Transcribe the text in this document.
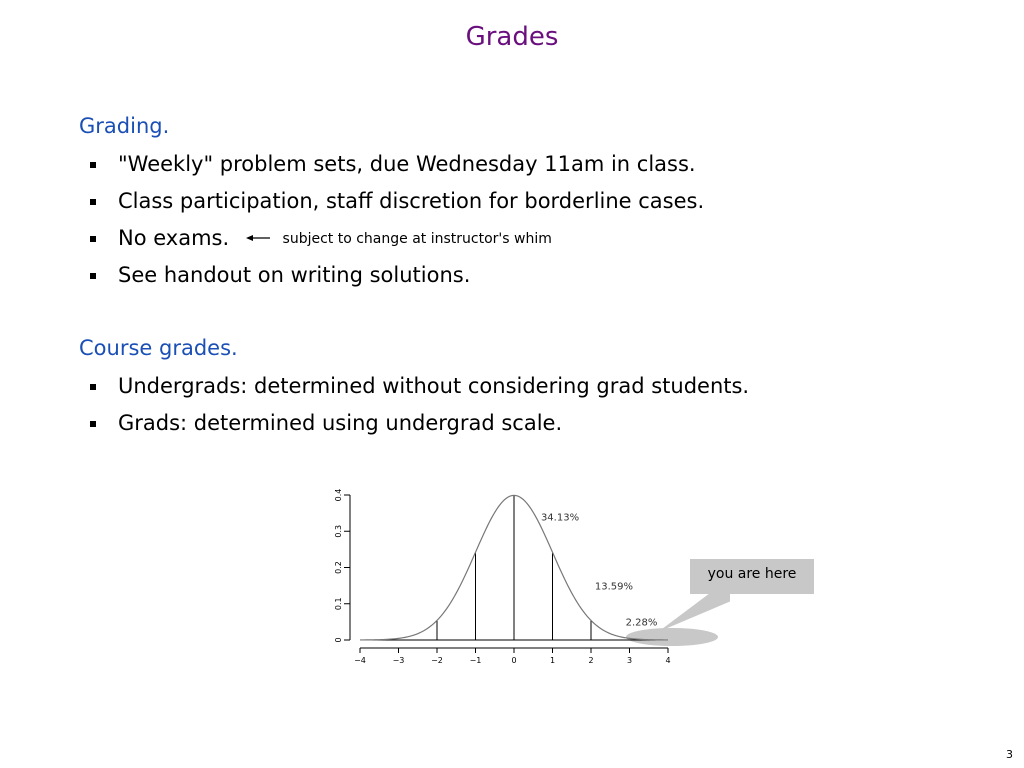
Grades
Grading.
"Weekly" problem sets, due Wednesday 11am in class.
Class participation, staff discretion for borderline cases.
No exams.	subject to change at instructor's whim
See handout on writing solutions.
Course grades.
Undergrads: determined without considering grad students.
Grads: determined using undergrad scale.
0
0.1
0.2
0.3
0.4
−4	−3	−2	−1	0	1	2	3	4
34.13%
13.59%
2.28%
you are here
3
